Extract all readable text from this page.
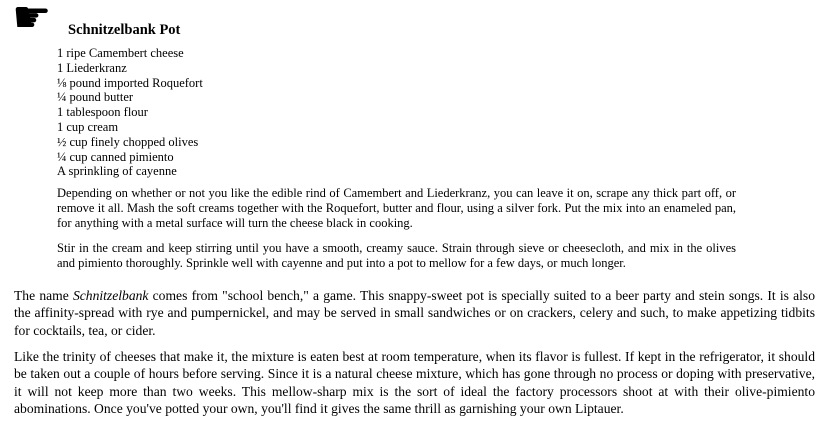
☛ Schnitzelbank Pot
1 ripe Camembert cheese
1 Liederkranz
⅛ pound imported Roquefort
¼ pound butter
1 tablespoon flour
1 cup cream
½ cup finely chopped olives
¼ cup canned pimiento
A sprinkling of cayenne

Depending on whether or not you like the edible rind of Camembert and Liederkranz, you can leave it on, scrape any thick part off, or remove it all. Mash the soft creams together with the Roquefort, butter and flour, using a silver fork. Put the mix into an enameled pan, for anything with a metal surface will turn the cheese black in cooking.

Stir in the cream and keep stirring until you have a smooth, creamy sauce. Strain through sieve or cheesecloth, and mix in the olives and pimiento thoroughly. Sprinkle well with cayenne and put into a pot to mellow for a few days, or much longer.

The name Schnitzelbank comes from "school bench," a game. This snappy-sweet pot is specially suited to a beer party and stein songs. It is also the affinity-spread with rye and pumpernickel, and may be served in small sandwiches or on crackers, celery and such, to make appetizing tidbits for cocktails, tea, or cider.

Like the trinity of cheeses that make it, the mixture is eaten best at room temperature, when its flavor is fullest. If kept in the refrigerator, it should be taken out a couple of hours before serving. Since it is a natural cheese mixture, which has gone through no process or doping with preservative, it will not keep more than two weeks. This mellow-sharp mix is the sort of ideal the factory processors shoot at with their olive-pimiento abominations. Once you've potted your own, you'll find it gives the same thrill as garnishing your own Liptauer.
